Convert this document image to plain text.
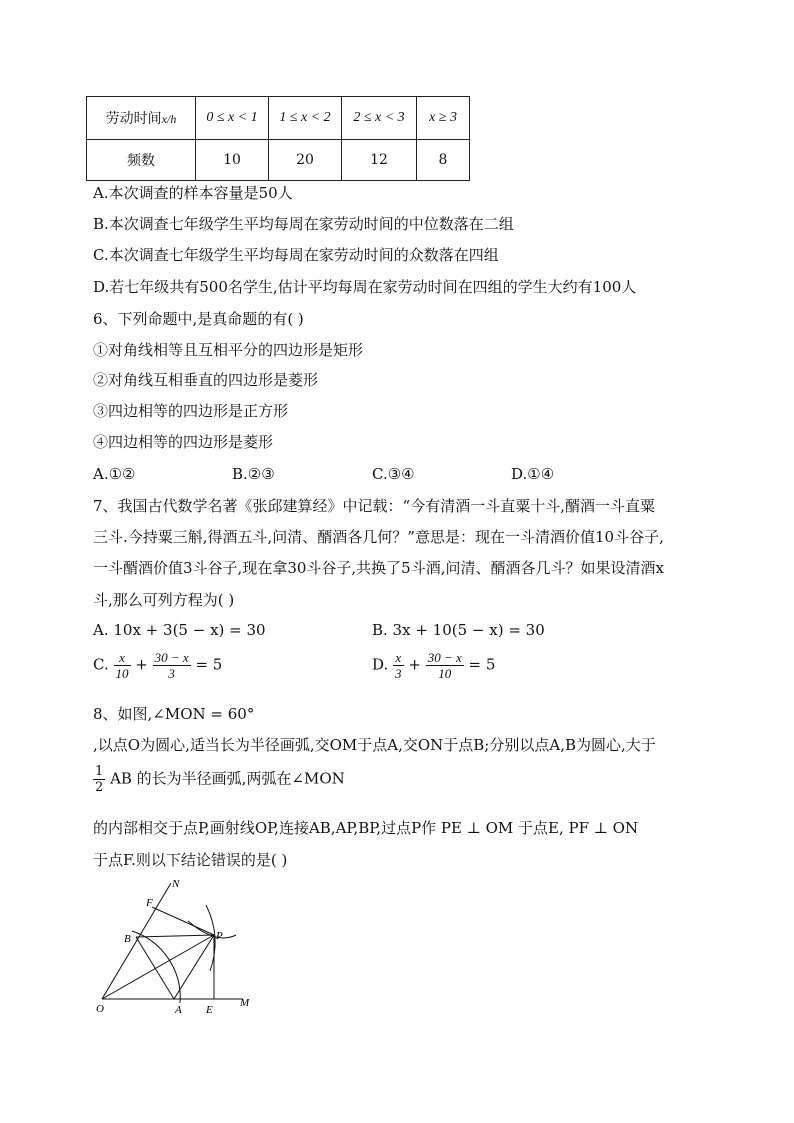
劳动时间x/h	0 ≤ x < 1	1 ≤ x < 2	2 ≤ x < 3	x ≥ 3
频数	10	20	12	8
A.本次调查的样本容量是50人
B.本次调查七年级学生平均每周在家劳动时间的中位数落在二组
C.本次调查七年级学生平均每周在家劳动时间的众数落在四组
D.若七年级共有500名学生,估计平均每周在家劳动时间在四组的学生大约有100人
6、下列命题中,是真命题的有( )
①对角线相等且互相平分的四边形是矩形
②对角线互相垂直的四边形是菱形
③四边相等的四边形是正方形
④四边相等的四边形是菱形
A.①②	B.②③	C.③④	D.①④
7、我国古代数学名著《张邱建算经》中记载：“今有清酒一斗直粟十斗,醑酒一斗直粟
三斗.今持粟三斛,得酒五斗,问清、醑酒各几何？”意思是：现在一斗清酒价值10斗谷子,
一斗醑酒价值3斗谷子,现在拿30斗谷子,共换了5斗酒,问清、醑酒各几斗？如果设清酒x
斗,那么可列方程为( )
A. 10x + 3(5 − x) = 30	B. 3x + 10(5 − x) = 30
C. $\frac{x}{10} + \frac{30 - x}{3} = 5$	D. $\frac{x}{3} + \frac{30 - x}{10} = 5$
8、如图,∠MON = 60°
,以点O为圆心,适当长为半径画弧,交OM于点A,交ON于点B;分别以点A,B为圆心,大于
$\frac{1}{2}$ AB 的长为半径画弧,两弧在∠MON
的内部相交于点P,画射线OP,连接AB,AP,BP,过点P作 PE ⊥ OM 于点E, PF ⊥ ON
于点F.则以下结论错误的是( )
N
F
B	P
O	A E
M
